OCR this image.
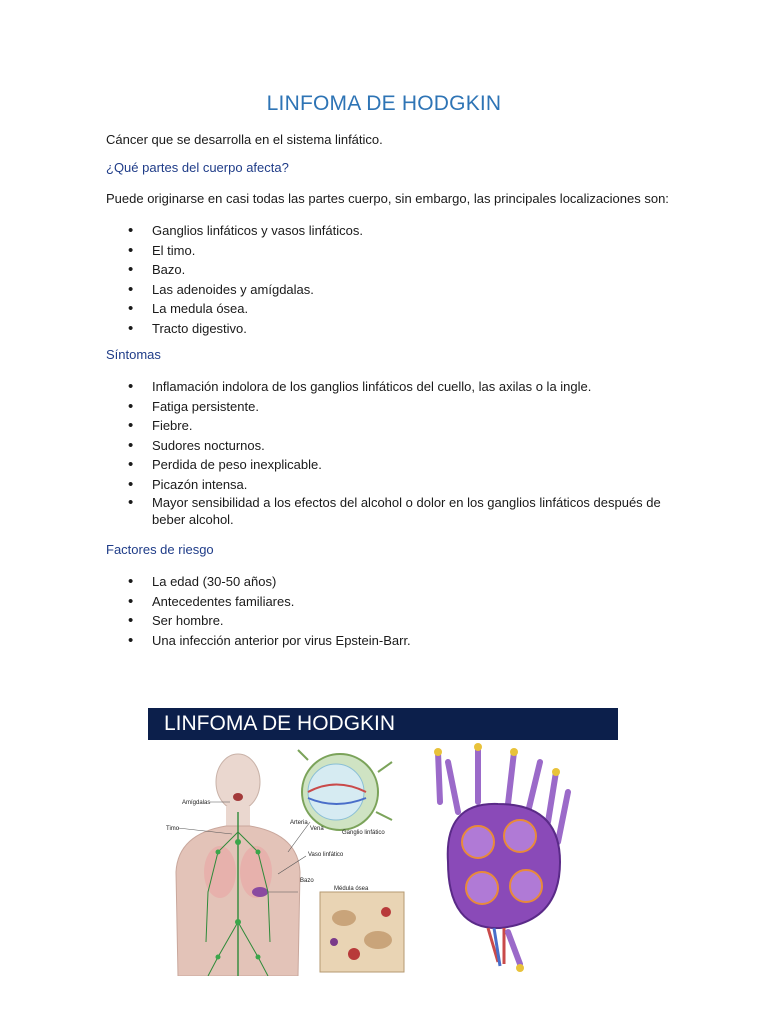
LINFOMA DE HODGKIN
Cáncer que se desarrolla en el sistema linfático.
¿Qué partes del cuerpo afecta?
Puede originarse en casi todas las partes cuerpo, sin embargo, las principales localizaciones son:
• Ganglios linfáticos y vasos linfáticos.
• El timo.
• Bazo.
• Las adenoides y amígdalas.
• La medula ósea.
• Tracto digestivo.
Síntomas
• Inflamación indolora de los ganglios linfáticos del cuello, las axilas o la ingle.
• Fatiga persistente.
• Fiebre.
• Sudores nocturnos.
• Perdida de peso inexplicable.
• Picazón intensa.
• Mayor sensibilidad a los efectos del alcohol o dolor en los ganglios linfáticos después de beber alcohol.
Factores de riesgo
• La edad (30-50 años)
• Antecedentes familiares.
• Ser hombre.
• Una infección anterior por virus Epstein-Barr.
LINFOMA DE HODGKIN
Amígdalas
Timo
Arteria
Vena
Ganglio linfático
Vaso linfático
Bazo
Médula ósea
